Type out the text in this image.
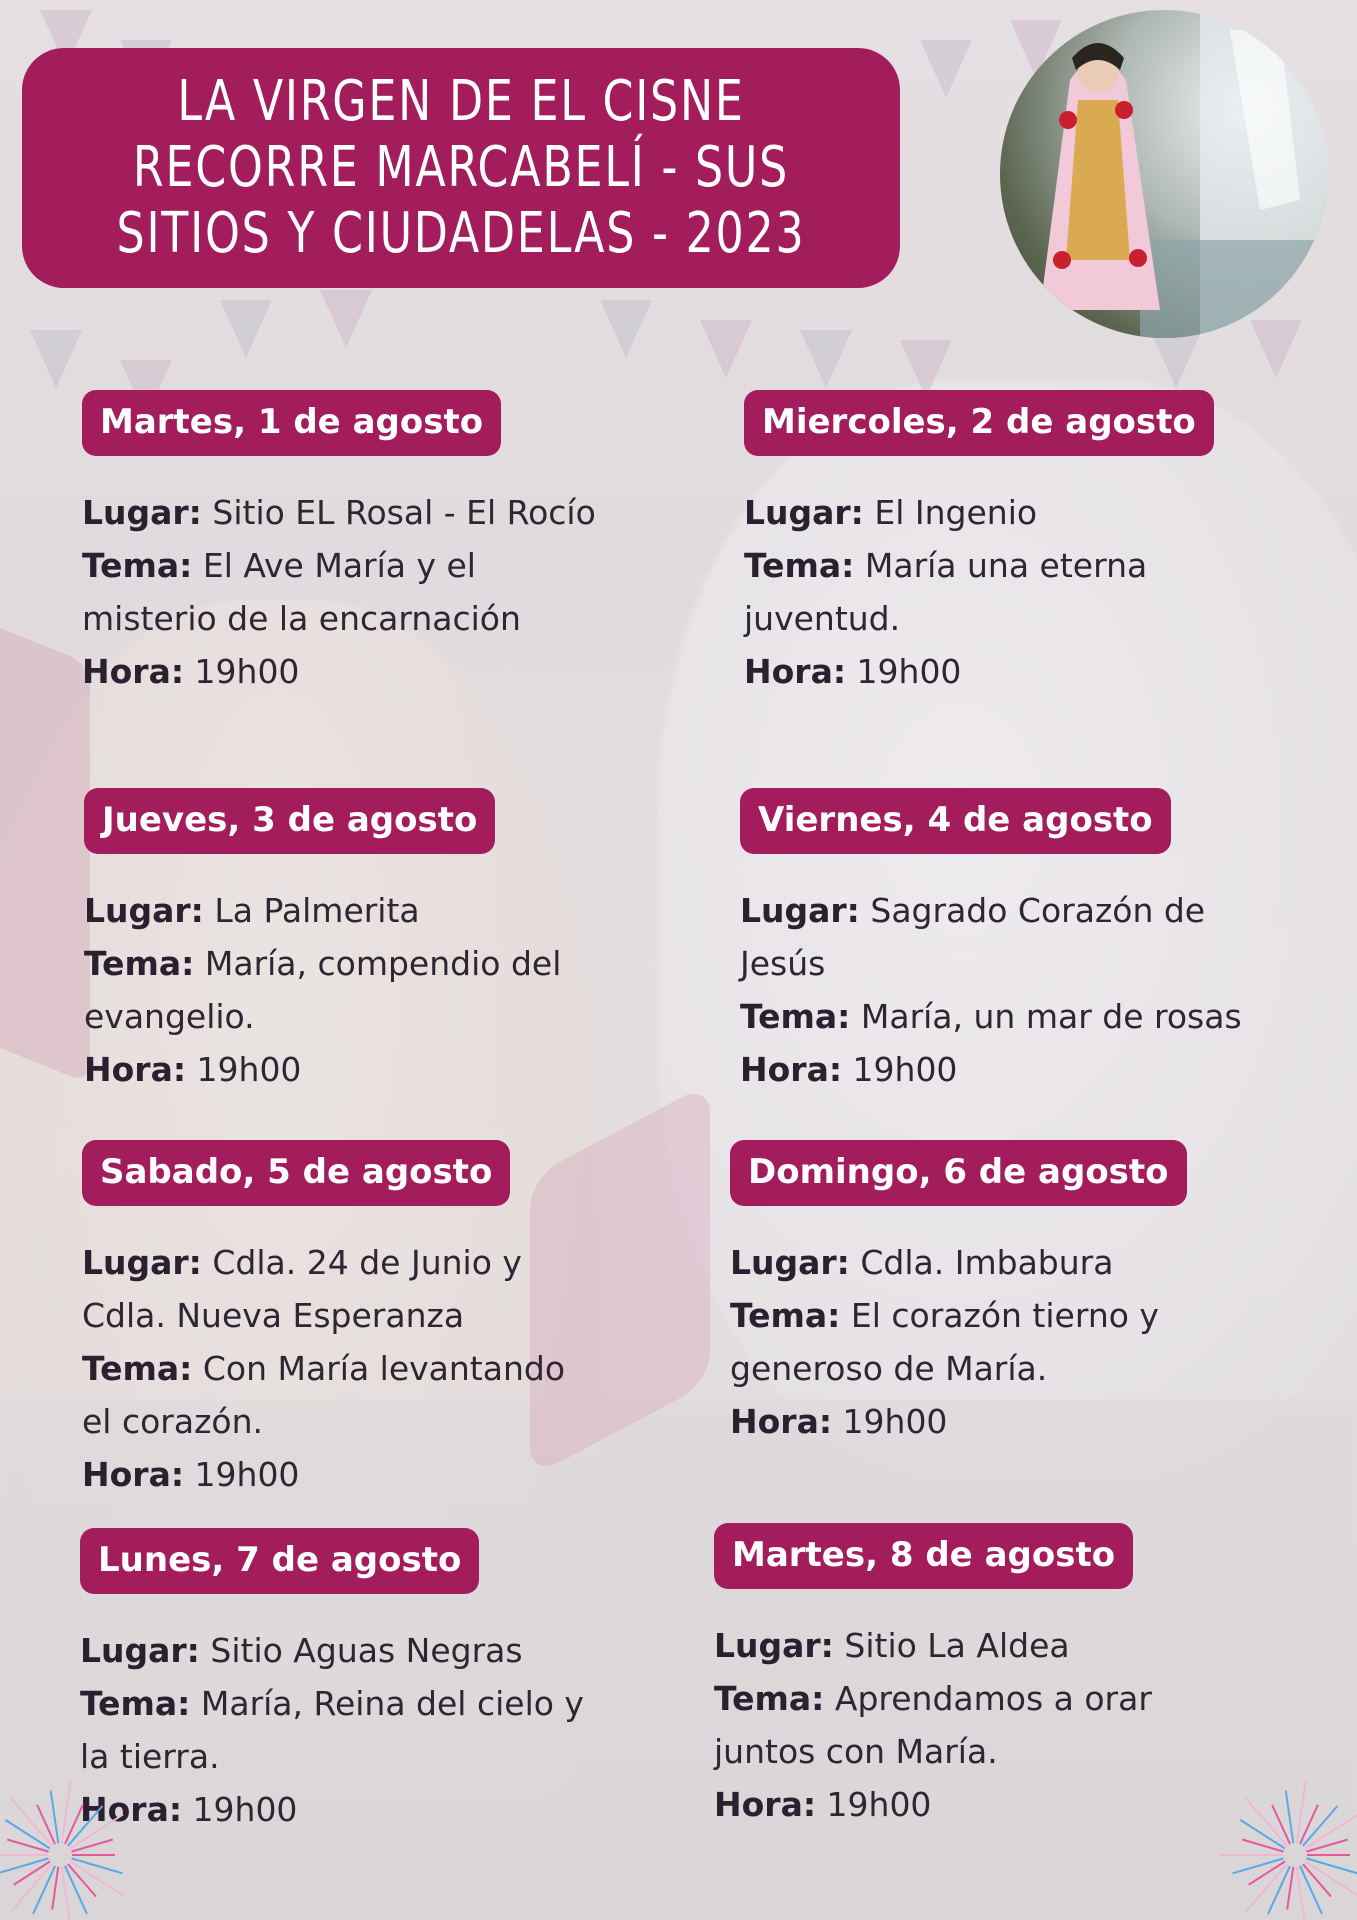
LA VIRGEN DE EL CISNE RECORRE MARCABELÍ - SUS SITIOS Y CIUDADELAS - 2023
Martes, 1 de agosto
Lugar: Sitio EL Rosal - El Rocío
Tema: El Ave María y el misterio de la encarnación
Hora: 19h00
Miercoles, 2 de agosto
Lugar: El Ingenio
Tema: María una eterna juventud.
Hora: 19h00
Jueves, 3 de agosto
Lugar: La Palmerita
Tema: María, compendio del evangelio.
Hora: 19h00
Viernes, 4 de agosto
Lugar: Sagrado Corazón de Jesús
Tema: María, un mar de rosas
Hora: 19h00
Sabado, 5 de agosto
Lugar: Cdla. 24 de Junio y Cdla. Nueva Esperanza
Tema: Con María levantando el corazón.
Hora: 19h00
Domingo, 6 de agosto
Lugar: Cdla. Imbabura
Tema: El corazón tierno y generoso de María.
Hora: 19h00
Lunes, 7 de agosto
Lugar: Sitio Aguas Negras
Tema: María, Reina del cielo y la tierra.
Hora: 19h00
Martes, 8 de agosto
Lugar: Sitio La Aldea
Tema: Aprendamos a orar juntos con María.
Hora: 19h00
